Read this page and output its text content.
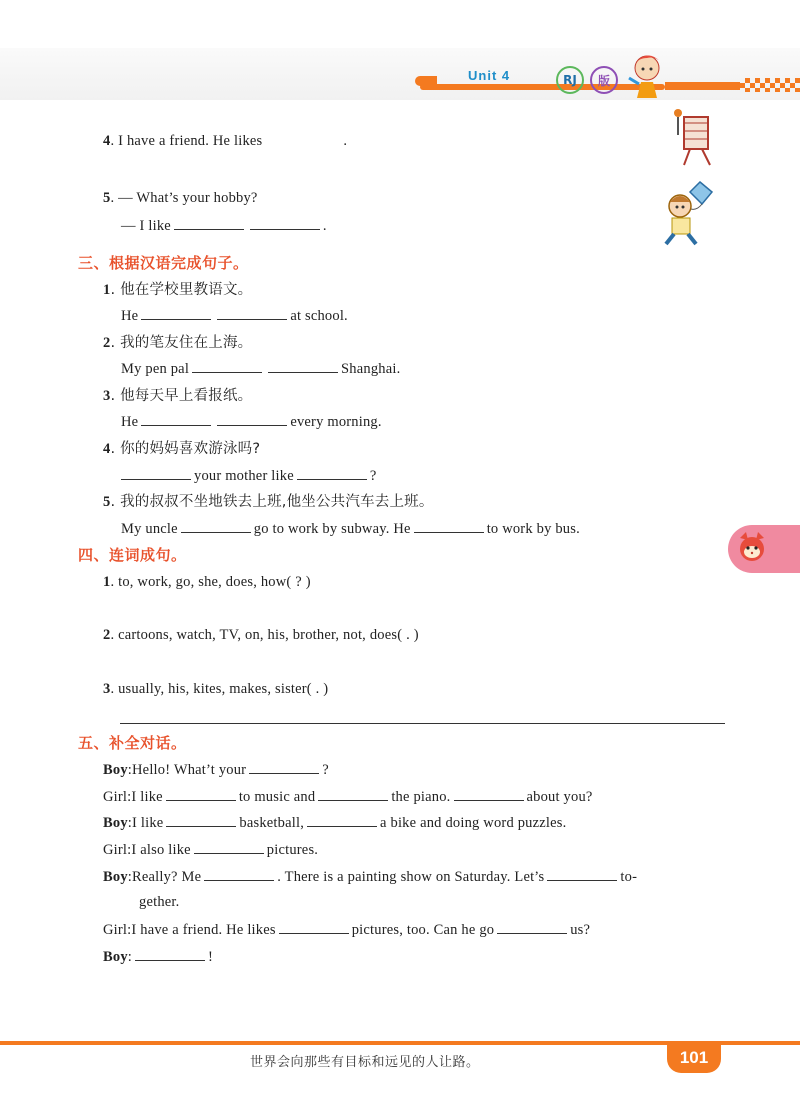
Unit 4	RJ 版
4. I have a friend. He likes	.
5. — What’s your hobby?
— I like	.
三、根据汉语完成句子。
1. 他在学校里教语文。
He	at school.
2. 我的笔友住在上海。
My pen pal	Shanghai.
3. 他每天早上看报纸。
He	every morning.
4. 你的妈妈喜欢游泳吗?
your mother like	?
5. 我的叔叔不坐地铁去上班,他坐公共汽车去上班。
My uncle	go to work by subway. He	to work by bus.
四、连词成句。
1. to, work, go, she, does, how( ? )
2. cartoons, watch, TV, on, his, brother, not, does( . )
3. usually, his, kites, makes, sister( . )
五、补全对话。
Boy:Hello! What’t your	?
Girl:I like	to music and	the piano.	about you?
Boy:I like	basketball,	a bike and doing word puzzles.
Girl:I also like	pictures.
Boy:Really? Me	. There is a painting show on Saturday. Let’s	to-
gether.
Girl:I have a friend. He likes	pictures, too. Can he go	us?
Boy:	!
世界会向那些有目标和远见的人让路。	101
